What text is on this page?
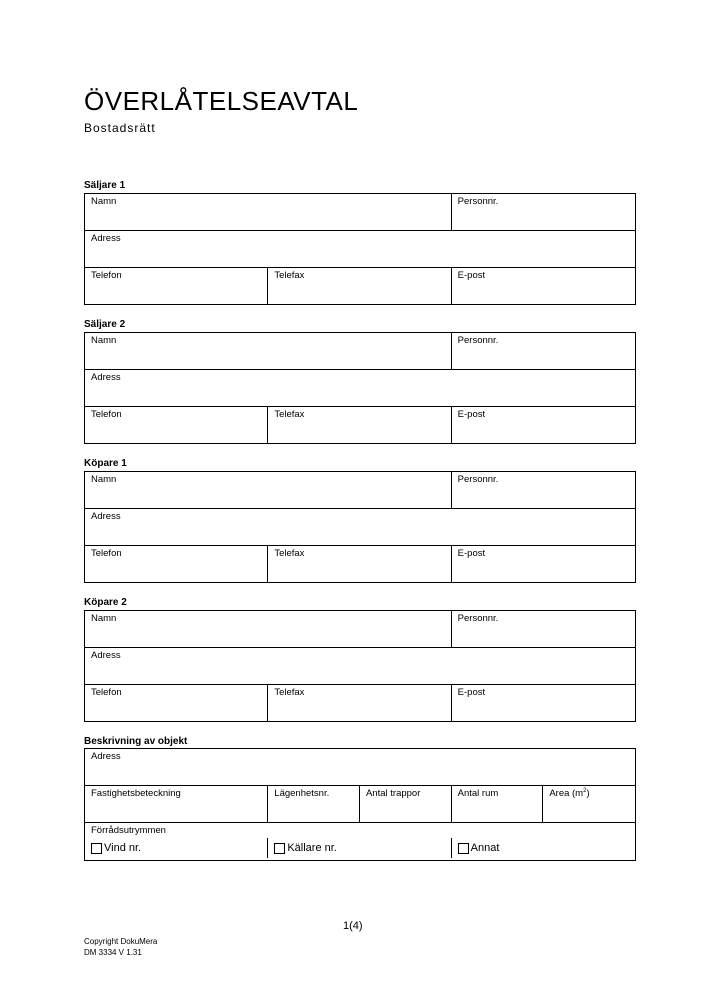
ÖVERLÅTELSEAVTAL
Bostadsrätt
Säljare 1
Namn	Personnr.
Adress
Telefon	Telefax	E-post
Säljare 2
Namn	Personnr.
Adress
Telefon	Telefax	E-post
Köpare 1
Namn	Personnr.
Adress
Telefon	Telefax	E-post
Köpare 2
Namn	Personnr.
Adress
Telefon	Telefax	E-post
Beskrivning av objekt
Adress
Fastighetsbeteckning	Lägenhetsnr.	Antal trappor	Antal rum	Area $(m^2)$
Förrådsutrymmen
Vind nr.	Källare nr.	Annat
1(4)
Copyright DokuMera
DM 3334 V 1.31
